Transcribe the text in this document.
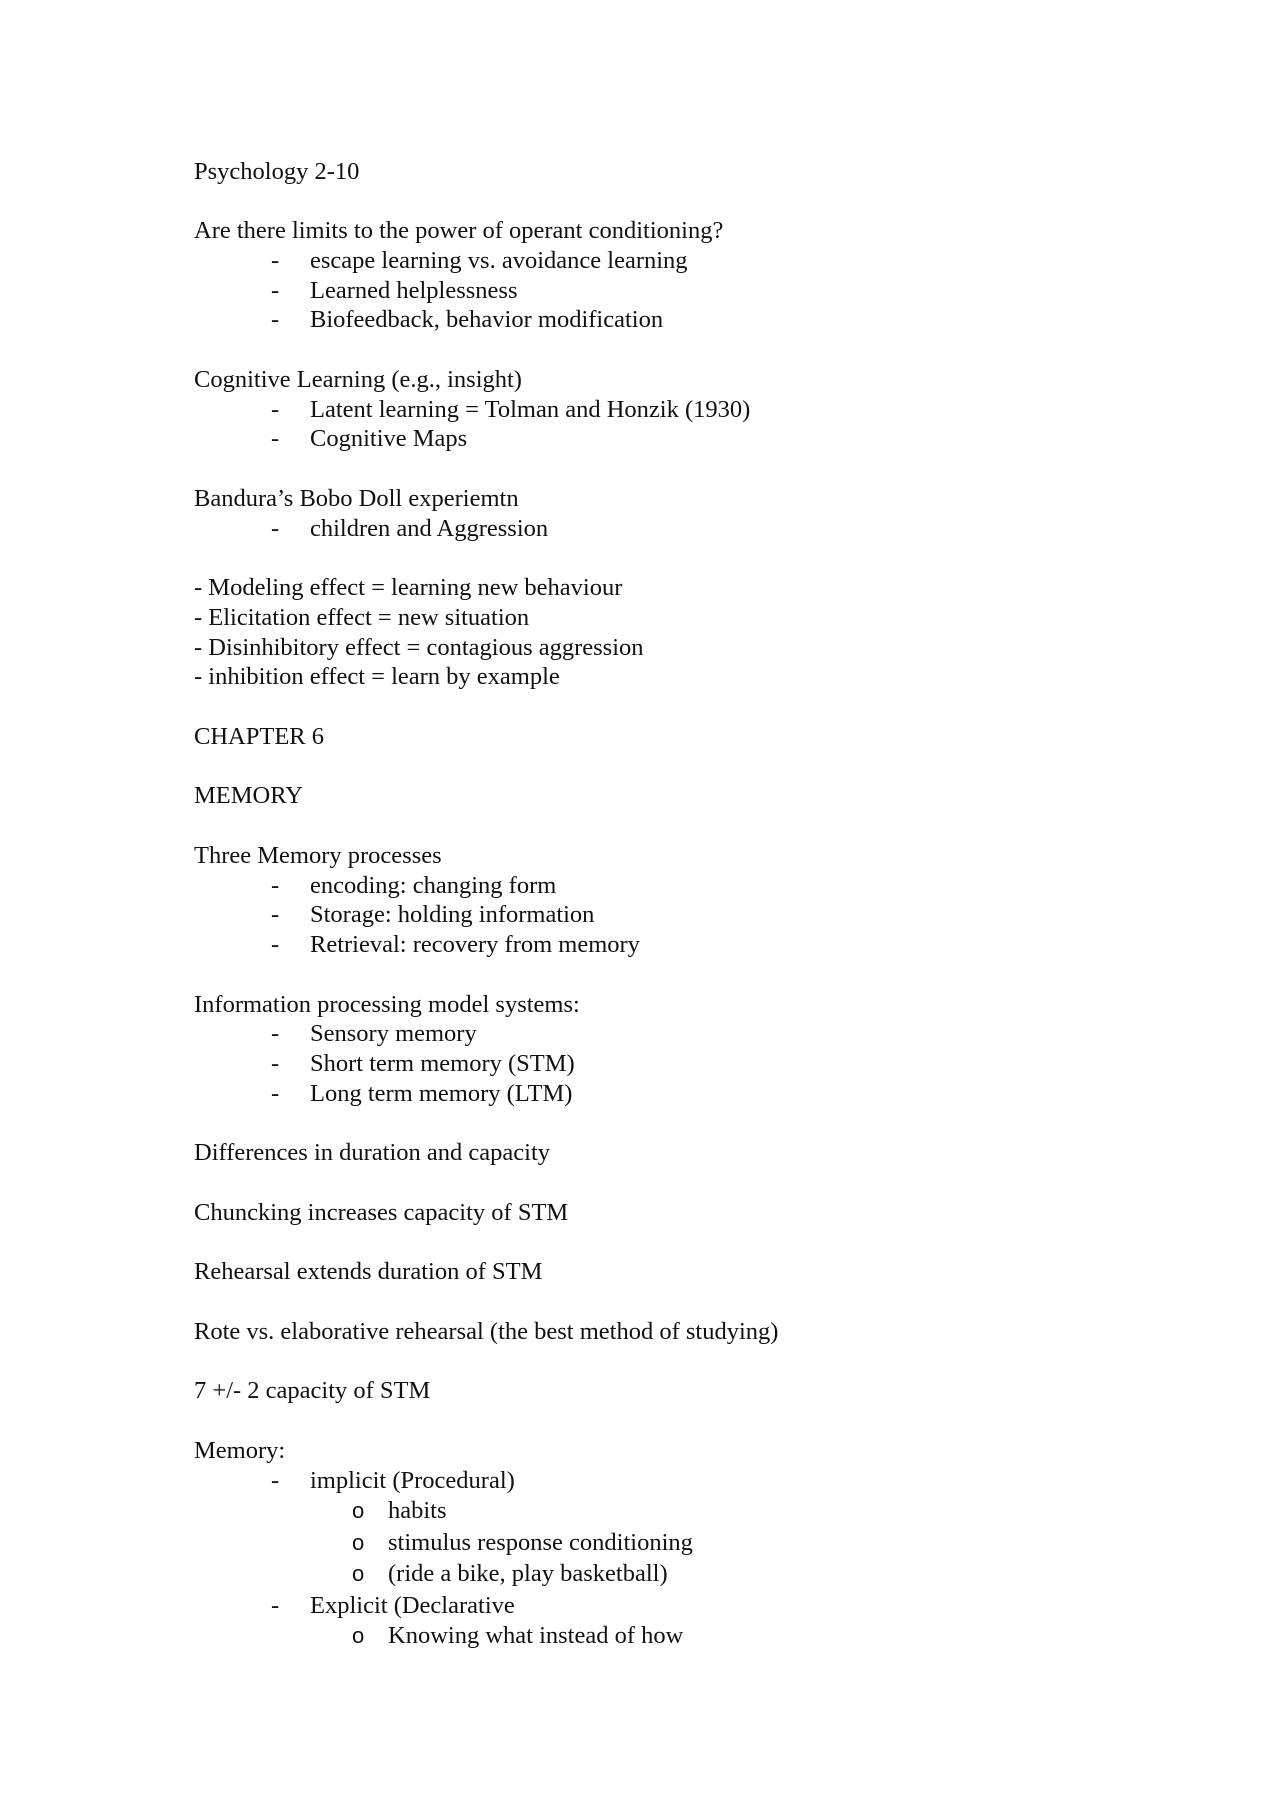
Psychology 2-10
Are there limits to the power of operant conditioning?
- escape learning vs. avoidance learning
- Learned helplessness
- Biofeedback, behavior modification
Cognitive Learning (e.g., insight)
- Latent learning = Tolman and Honzik (1930)
- Cognitive Maps
Bandura’s Bobo Doll experiemtn
- children and Aggression
- Modeling effect = learning new behaviour
- Elicitation effect = new situation
- Disinhibitory effect = contagious aggression
- inhibition effect = learn by example
CHAPTER 6
MEMORY
Three Memory processes
- encoding: changing form
- Storage: holding information
- Retrieval: recovery from memory
Information processing model systems:
- Sensory memory
- Short term memory (STM)
- Long term memory (LTM)
Differences in duration and capacity
Chuncking increases capacity of STM
Rehearsal extends duration of STM
Rote vs. elaborative rehearsal (the best method of studying)
7 +/- 2 capacity of STM
Memory:
- implicit (Procedural)
o habits
o stimulus response conditioning
o (ride a bike, play basketball)
- Explicit (Declarative
o Knowing what instead of how
